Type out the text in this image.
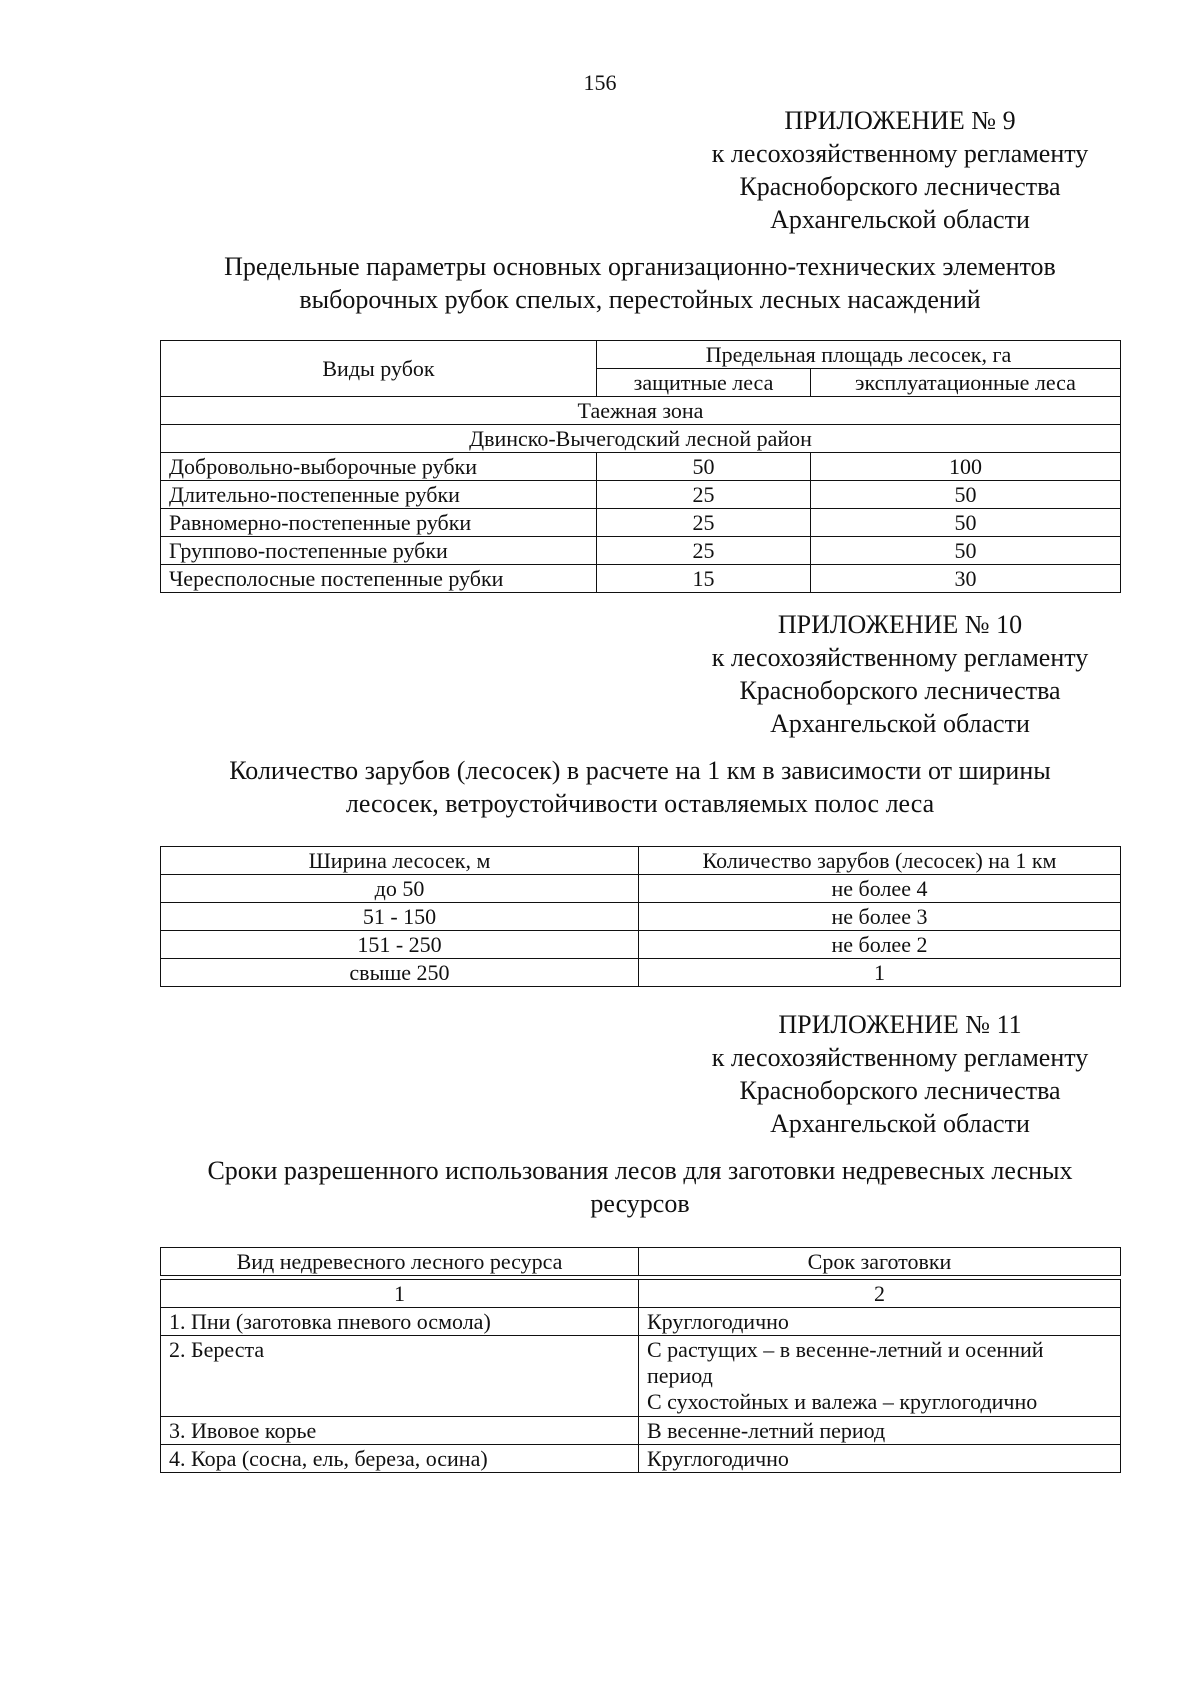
156
ПРИЛОЖЕНИЕ № 9
к лесохозяйственному регламенту
Красноборского лесничества
Архангельской области
Предельные параметры основных организационно-технических элементов
выборочных рубок спелых, перестойных лесных насаждений
Виды рубок	Предельная площадь лесосек, га	
	защитные леса	эксплуатационные леса
Таежная зона		
Двинско-Вычегодский лесной район		
Добровольно-выборочные рубки	50	100
Длительно-постепенные рубки	25	50
Равномерно-постепенные рубки	25	50
Группово-постепенные рубки	25	50
Чересполосные постепенные рубки	15	30
ПРИЛОЖЕНИЕ № 10
к лесохозяйственному регламенту
Красноборского лесничества
Архангельской области
Количество зарубов (лесосек) в расчете на 1 км в зависимости от ширины
лесосек, ветроустойчивости оставляемых полос леса
Ширина лесосек, м	Количество зарубов (лесосек) на 1 км
до 50	не более 4
51 - 150	не более 3
151 - 250	не более 2
свыше 250	1
ПРИЛОЖЕНИЕ № 11
к лесохозяйственному регламенту
Красноборского лесничества
Архангельской области
Сроки разрешенного использования лесов для заготовки недревесных лесных
ресурсов
Вид недревесного лесного ресурса	Срок заготовки

1	2
1. Пни (заготовка пневого осмола)	Круглогодично
2. Береста	С растущих – в весенне-летний и осенний
период
С сухостойных и валежа – круглогодично

3. Ивовое корье	В весенне-летний период
4. Кора (сосна, ель, береза, осина)	Круглогодично
